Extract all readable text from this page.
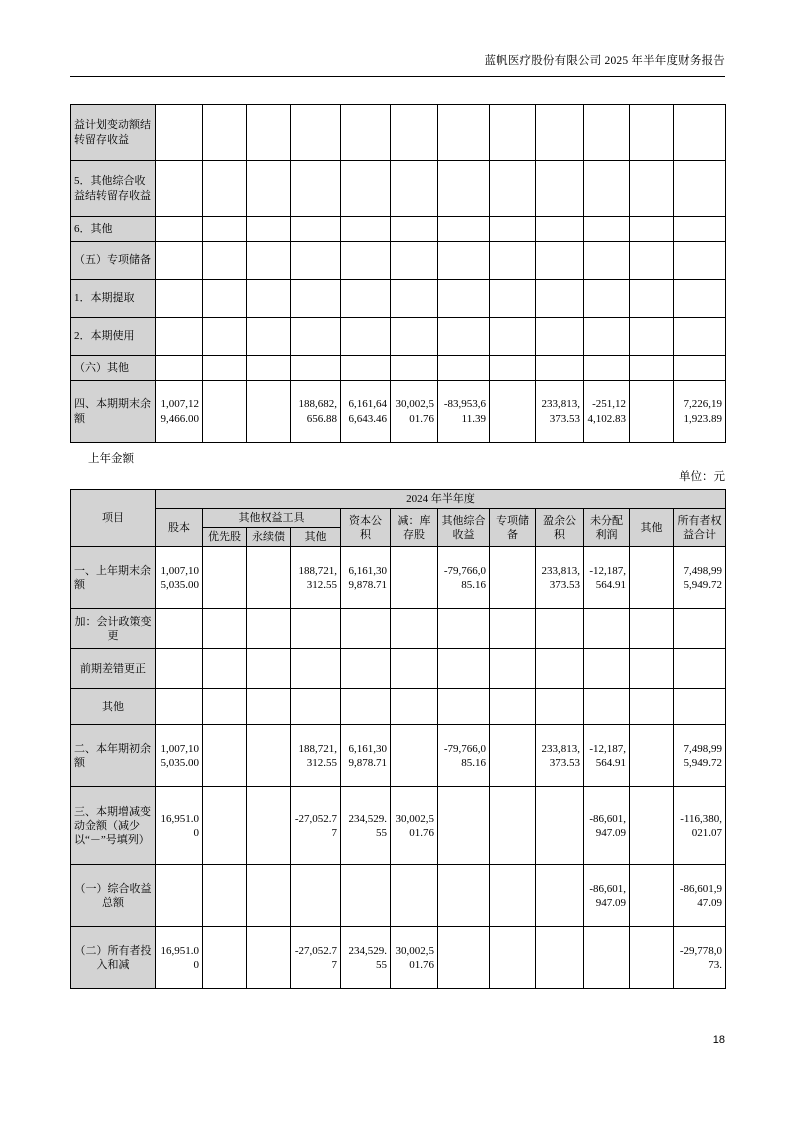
蓝帆医疗股份有限公司 2025 年半年度财务报告
益计划变动额结转留存收益												
5．其他综合收益结转留存收益												
6．其他												
（五）专项储备												
1．本期提取												
2．本期使用												
（六）其他												
四、本期期末余额	1,007,129,466.00			188,682,656.88	6,161,646,643.46	30,002,501.76	-83,953,611.39		233,813,373.53	-251,124,102.83		7,226,191,923.89
上年金额
单位：元
项目	2024 年半年度											
	股本	其他权益工具			资本公积	减：库存股	其他综合收益	专项储备	盈余公积	未分配利润	其他	所有者权益合计
		优先股	永续债	其他								
一、上年期末余额	1,007,105,035.00			188,721,312.55	6,161,309,878.71		-79,766,085.16		233,813,373.53	-12,187,564.91		7,498,995,949.72
加：会计政策变更												
前期差错更正												
其他												
二、本年期初余额	1,007,105,035.00			188,721,312.55	6,161,309,878.71		-79,766,085.16		233,813,373.53	-12,187,564.91		7,498,995,949.72
三、本期增减变动金额（减少以“－”号填列）	16,951.00			-27,052.77	234,529.55	30,002,501.76				-86,601,947.09		-116,380,021.07
（一）综合收益总额										-86,601,947.09		-86,601,947.09
（二）所有者投入和减	16,951.00			-27,052.77	234,529.55	30,002,501.76						-29,778,073.
18
